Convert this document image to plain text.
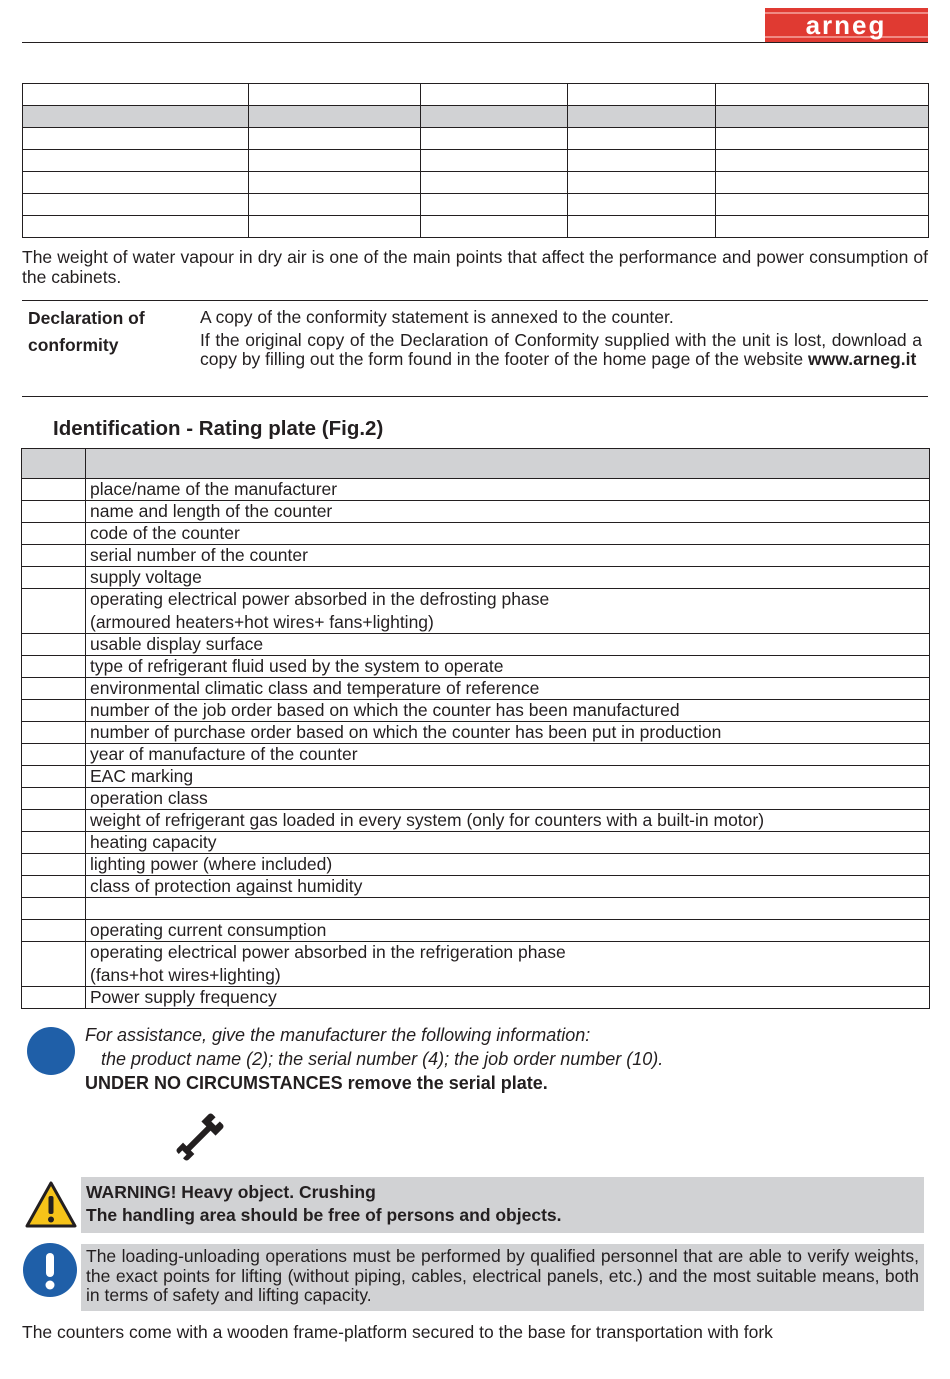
arneg

The weight of water vapour in dry air is one of the main points that affect the performance and power consumption of the cabinets.
Declaration of
conformity
A copy of the conformity statement is annexed to the counter.
If the original copy of the Declaration of Conformity supplied with the unit is lost, download a copy by filling out the form found in the footer of the home page of the website www.arneg.it
Identification - Rating plate (Fig.2)

	place/name of the manufacturer

	name and length of the counter

	code of the counter

	serial number of the counter

	supply voltage

	operating electrical power absorbed in the defrosting phase
(armoured heaters+hot wires+ fans+lighting)

	usable display surface

	type of refrigerant fluid used by the system to operate

	environmental climatic class and temperature of reference

	number of the job order based on which the counter has been manufactured

	number of purchase order based on which the counter has been put in production

	year of manufacture of the counter

	EAC marking

	operation class

	weight of refrigerant gas loaded in every system (only for counters with a built-in motor)

	heating capacity

	lighting power (where included)

	class of protection against humidity

	operating current consumption

	operating electrical power absorbed in the refrigeration phase
(fans+hot wires+lighting)

	Power supply frequency
For assistance, give the manufacturer the following information:
the product name (2); the serial number (4); the job order number (10).
UNDER NO CIRCUMSTANCES remove the serial plate.
WARNING! Heavy object. Crushing
The handling area should be free of persons and objects.
The loading-unloading operations must be performed by qualified personnel that are able to verify weights, the exact points for lifting (without piping, cables, electrical panels, etc.) and the most suitable means, both in terms of safety and lifting capacity.
The counters come with a wooden frame-platform secured to the base for transportation with fork
